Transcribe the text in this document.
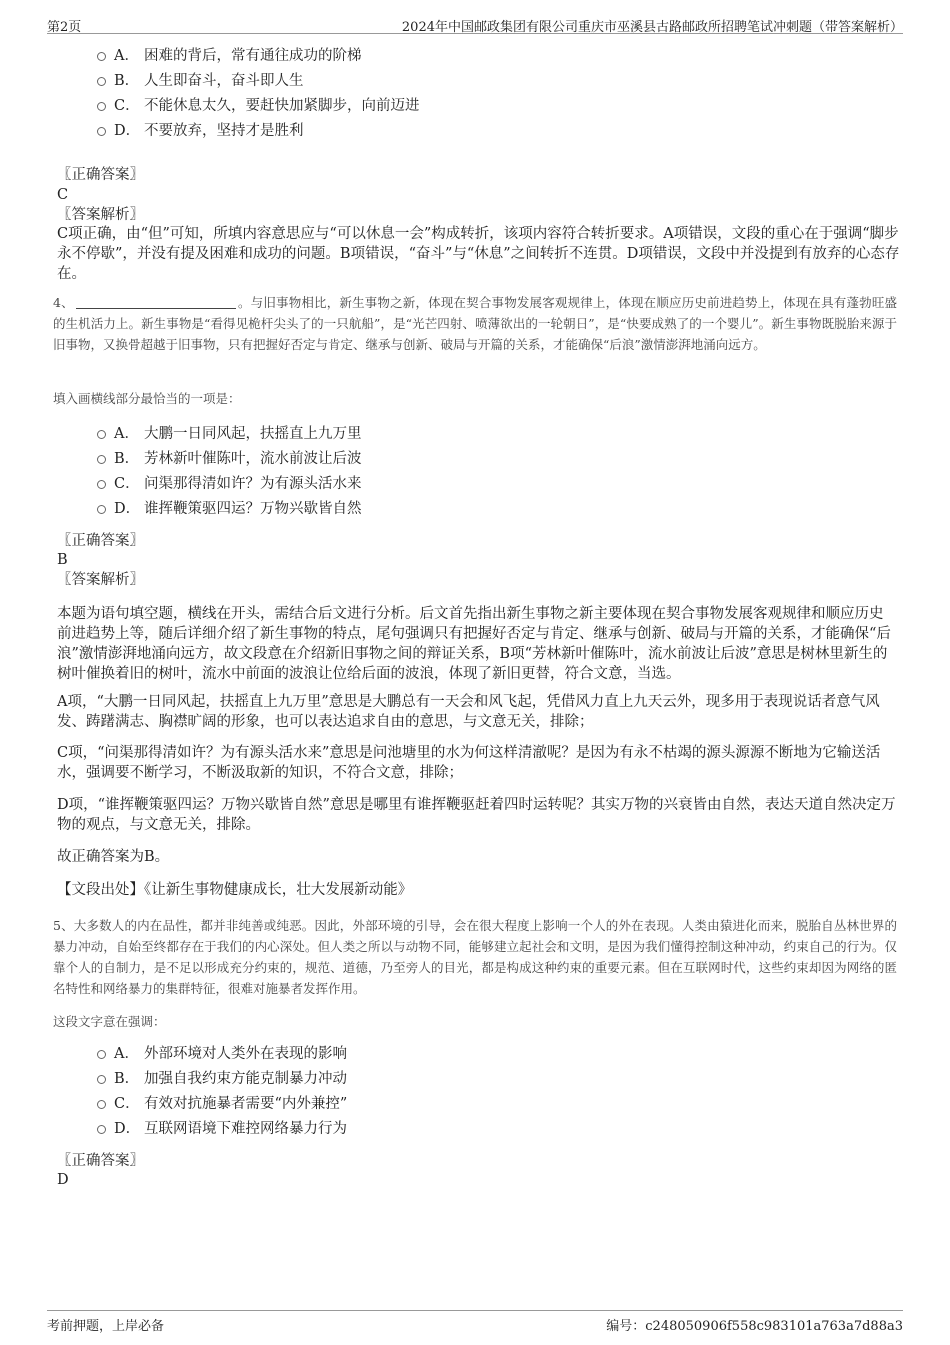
第2页	2024年中国邮政集团有限公司重庆市巫溪县古路邮政所招聘笔试冲刺题（带答案解析）
A． 困难的背后，常有通往成功的阶梯
B． 人生即奋斗，奋斗即人生
C． 不能休息太久，要赶快加紧脚步，向前迈进
D． 不要放弃，坚持才是胜利
〖正确答案〗
C
〖答案解析〗
C项正确，由“但”可知，所填内容意思应与“可以休息一会”构成转折，该项内容符合转折要求。A项错误，文段的重心在于强调“脚步永不停歇”，并没有提及困难和成功的问题。B项错误，“奋斗”与“休息”之间转折不连贯。D项错误，文段中并没提到有放弃的心态存在。
4、	。与旧事物相比，新生事物之新，体现在契合事物发展客观规律上，体现在顺应历史前进趋势上，体现在具有蓬勃旺盛的生机活力上。新生事物是“看得见桅杆尖头了的一只航船”，是“光芒四射、喷薄欲出的一轮朝日”，是“快要成熟了的一个婴儿”。新生事物既脱胎来源于旧事物，又换骨超越于旧事物，只有把握好否定与肯定、继承与创新、破局与开篇的关系，才能确保“后浪”激情澎湃地涌向远方。
填入画横线部分最恰当的一项是：
A． 大鹏一日同风起，扶摇直上九万里
B． 芳林新叶催陈叶，流水前波让后波
C． 问渠那得清如许？为有源头活水来
D． 谁挥鞭策驱四运？万物兴歇皆自然
〖正确答案〗
B
〖答案解析〗
本题为语句填空题，横线在开头，需结合后文进行分析。后文首先指出新生事物之新主要体现在契合事物发展客观规律和顺应历史前进趋势上等，随后详细介绍了新生事物的特点，尾句强调只有把握好否定与肯定、继承与创新、破局与开篇的关系，才能确保“后浪”激情澎湃地涌向远方，故文段意在介绍新旧事物之间的辩证关系，B项“芳林新叶催陈叶，流水前波让后波”意思是树林里新生的树叶催换着旧的树叶，流水中前面的波浪让位给后面的波浪，体现了新旧更替，符合文意，当选。
A项，“大鹏一日同风起，扶摇直上九万里”意思是大鹏总有一天会和风飞起，凭借风力直上九天云外，现多用于表现说话者意气风发、踌躇满志、胸襟旷阔的形象，也可以表达追求自由的意思，与文意无关，排除；
C项，“问渠那得清如许？为有源头活水来”意思是问池塘里的水为何这样清澈呢？是因为有永不枯竭的源头源源不断地为它输送活水，强调要不断学习，不断汲取新的知识，不符合文意，排除；
D项，“谁挥鞭策驱四运？万物兴歇皆自然”意思是哪里有谁挥鞭驱赶着四时运转呢？其实万物的兴衰皆由自然，表达天道自然决定万物的观点，与文意无关，排除。
故正确答案为B。
【文段出处】《让新生事物健康成长，壮大发展新动能》
5、大多数人的内在品性，都并非纯善或纯恶。因此，外部环境的引导，会在很大程度上影响一个人的外在表现。人类由猿进化而来，脱胎自丛林世界的暴力冲动，自始至终都存在于我们的内心深处。但人类之所以与动物不同，能够建立起社会和文明，是因为我们懂得控制这种冲动，约束自己的行为。仅靠个人的自制力，是不足以形成充分约束的，规范、道德，乃至旁人的目光，都是构成这种约束的重要元素。但在互联网时代，这些约束却因为网络的匿名特性和网络暴力的集群特征，很难对施暴者发挥作用。
这段文字意在强调：
A． 外部环境对人类外在表现的影响
B． 加强自我约束方能克制暴力冲动
C． 有效对抗施暴者需要“内外兼控”
D． 互联网语境下难控网络暴力行为
〖正确答案〗
D
考前押题，上岸必备	编号：c248050906f558c983101a763a7d88a3
